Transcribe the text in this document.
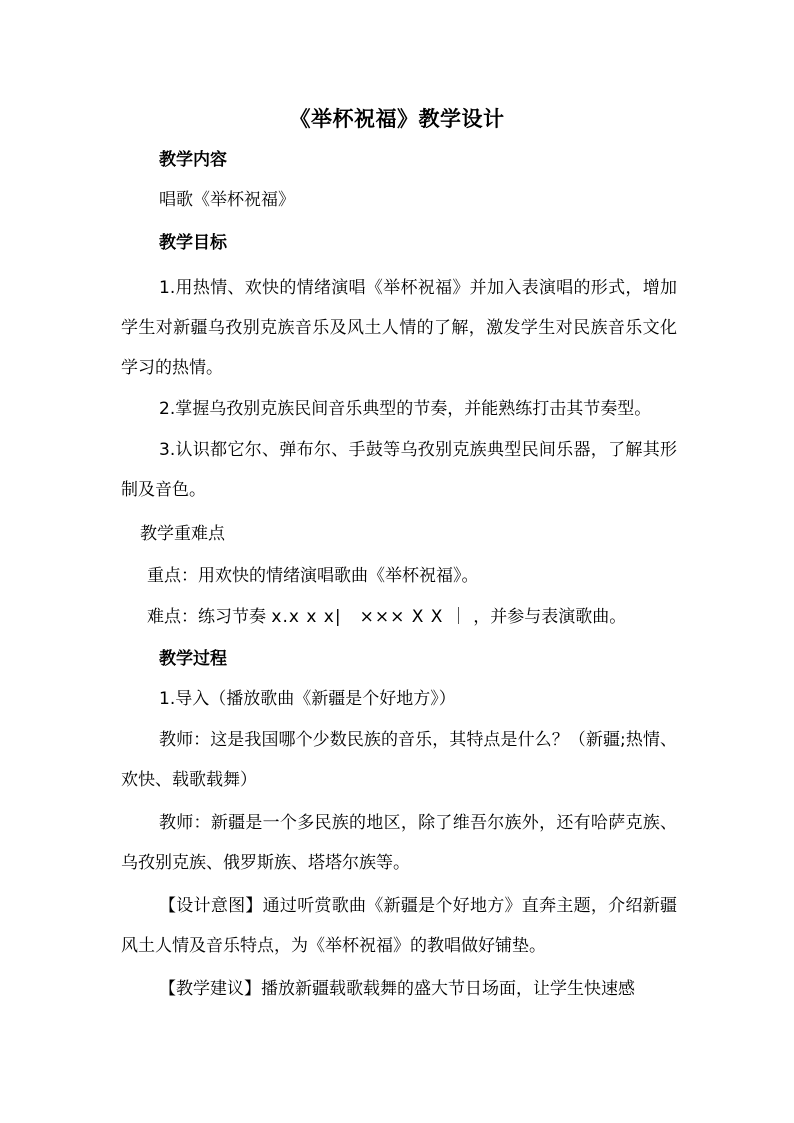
《举杯祝福》教学设计
教学内容
唱歌《举杯祝福》
教学目标
1.用热情、欢快的情绪演唱《举杯祝福》并加入表演唱的形式，增加学生对新疆乌孜别克族音乐及风土人情的了解，激发学生对民族音乐文化学习的热情。
2.掌握乌孜别克族民间音乐典型的节奏，并能熟练打击其节奏型。
3.认识都它尔、弹布尔、手鼓等乌孜别克族典型民间乐器，了解其形制及音色。
教学重难点
重点：用欢快的情绪演唱歌曲《举杯祝福》。
难点：练习节奏 x.x x x|　××× X X ｜ ，并参与表演歌曲。
教学过程
1.导入（播放歌曲《新疆是个好地方》）
教师：这是我国哪个少数民族的音乐，其特点是什么？（新疆;热情、欢快、载歌载舞）
教师：新疆是一个多民族的地区，除了维吾尔族外，还有哈萨克族、乌孜别克族、俄罗斯族、塔塔尔族等。
【设计意图】通过听赏歌曲《新疆是个好地方》直奔主题，介绍新疆风土人情及音乐特点，为《举杯祝福》的教唱做好铺垫。
【教学建议】播放新疆载歌载舞的盛大节日场面，让学生快速感
